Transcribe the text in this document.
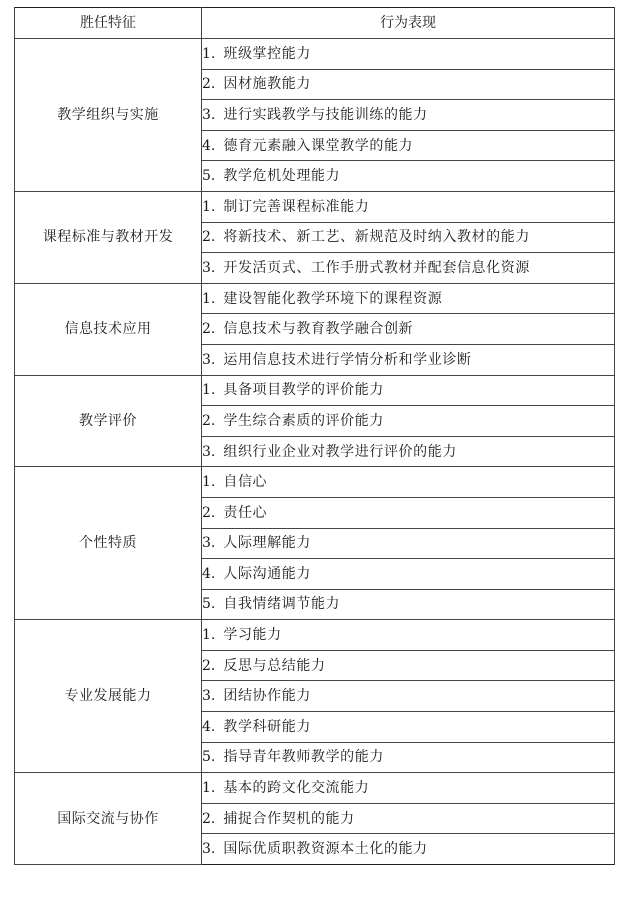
胜任特征	行为表现
教学组织与实施	1. 班级掌控能力
	2. 因材施教能力
	3. 进行实践教学与技能训练的能力
	4. 德育元素融入课堂教学的能力
	5. 教学危机处理能力
课程标准与教材开发	1. 制订完善课程标准能力
	2. 将新技术、新工艺、新规范及时纳入教材的能力
	3. 开发活页式、工作手册式教材并配套信息化资源
信息技术应用	1. 建设智能化教学环境下的课程资源
	2. 信息技术与教育教学融合创新
	3. 运用信息技术进行学情分析和学业诊断
教学评价	1. 具备项目教学的评价能力
	2. 学生综合素质的评价能力
	3. 组织行业企业对教学进行评价的能力
个性特质	1. 自信心
	2. 责任心
	3. 人际理解能力
	4. 人际沟通能力
	5. 自我情绪调节能力
专业发展能力	1. 学习能力
	2. 反思与总结能力
	3. 团结协作能力
	4. 教学科研能力
	5. 指导青年教师教学的能力
国际交流与协作	1. 基本的跨文化交流能力
	2. 捕捉合作契机的能力
	3. 国际优质职教资源本土化的能力
